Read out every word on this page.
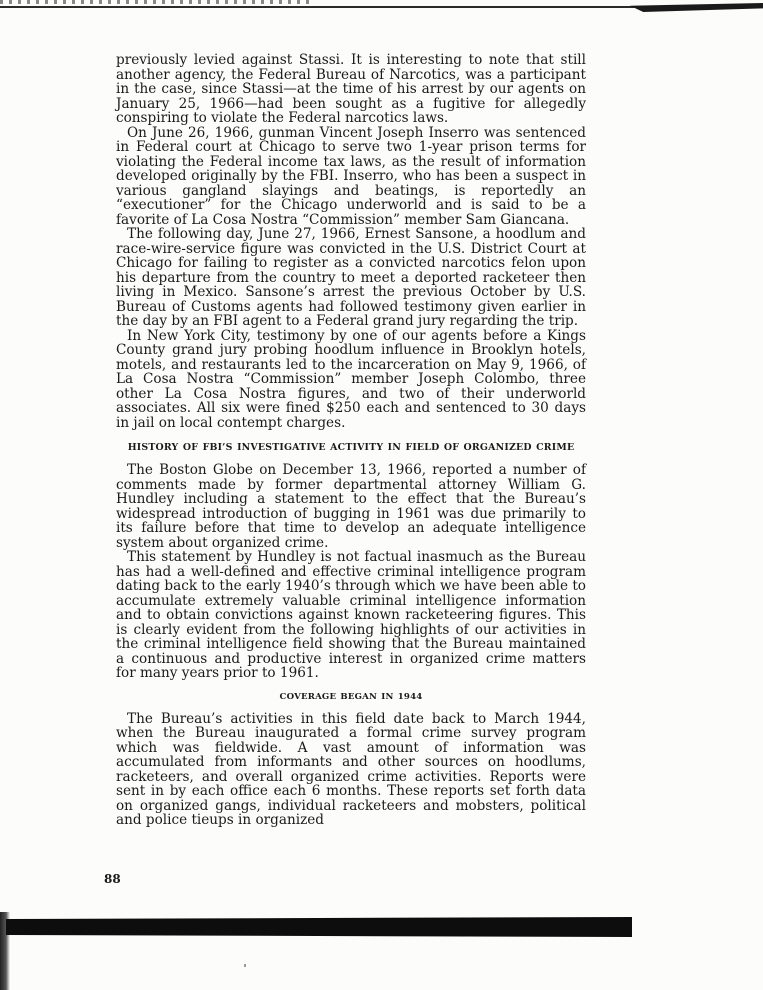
previously levied against Stassi. It is interesting to note that still another agency, the Federal Bureau of Narcotics, was a participant in the case, since Stassi—at the time of his arrest by our agents on January 25, 1966—had been sought as a fugitive for allegedly conspiring to violate the Federal narcotics laws.

On June 26, 1966, gunman Vincent Joseph Inserro was sentenced in Federal court at Chicago to serve two 1-year prison terms for violating the Federal income tax laws, as the result of information developed originally by the FBI. Inserro, who has been a suspect in various gangland slayings and beatings, is reportedly an “executioner” for the Chicago underworld and is said to be a favorite of La Cosa Nostra “Commission” member Sam Giancana.

The following day, June 27, 1966, Ernest Sansone, a hoodlum and race-wire-service figure was convicted in the U.S. District Court at Chicago for failing to register as a convicted narcotics felon upon his departure from the country to meet a deported racketeer then living in Mexico. Sansone’s arrest the previous October by U.S. Bureau of Customs agents had followed testimony given earlier in the day by an FBI agent to a Federal grand jury regarding the trip.

In New York City, testimony by one of our agents before a Kings County grand jury probing hoodlum influence in Brooklyn hotels, motels, and restaurants led to the incarceration on May 9, 1966, of La Cosa Nostra “Commission” member Joseph Colombo, three other La Cosa Nostra figures, and two of their underworld associates. All six were fined $250 each and sentenced to 30 days in jail on local contempt charges.

HISTORY OF FBI’S INVESTIGATIVE ACTIVITY IN FIELD OF ORGANIZED CRIME

The Boston Globe on December 13, 1966, reported a number of comments made by former departmental attorney William G. Hundley including a statement to the effect that the Bureau’s widespread introduction of bugging in 1961 was due primarily to its failure before that time to develop an adequate intelligence system about organized crime.

This statement by Hundley is not factual inasmuch as the Bureau has had a well-defined and effective criminal intelligence program dating back to the early 1940’s through which we have been able to accumulate extremely valuable criminal intelligence information and to obtain convictions against known racketeering figures. This is clearly evident from the following highlights of our activities in the criminal intelligence field showing that the Bureau maintained a continuous and productive interest in organized crime matters for many years prior to 1961.

COVERAGE BEGAN IN 1944

The Bureau’s activities in this field date back to March 1944, when the Bureau inaugurated a formal crime survey program which was fieldwide. A vast amount of information was accumulated from informants and other sources on hoodlums, racketeers, and overall organized crime activities. Reports were sent in by each office each 6 months. These reports set forth data on organized gangs, individual racketeers and mobsters, political and police tieups in organized

88
